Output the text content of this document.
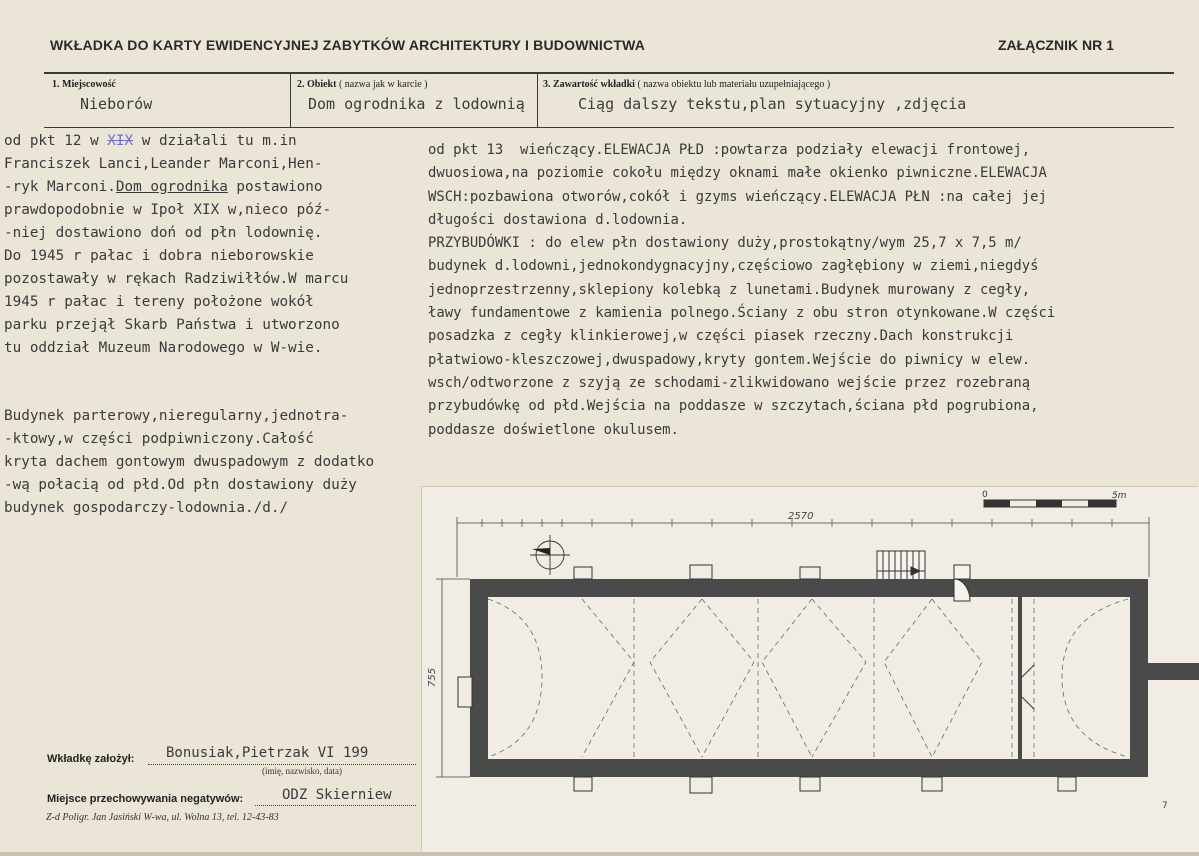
WKŁADKA DO KARTY EWIDENCYJNEJ ZABYTKÓW ARCHITEKTURY I BUDOWNICTWA	ZAŁĄCZNIK NR 1
1. Miejscowość
Nieborów
2. Obiekt ( nazwa jak w karcie )
Dom ogrodnika z lodownią
3. Zawartość wkładki ( nazwa obiektu lub materiału uzupełniającego )
Ciąg dalszy tekstu,plan sytuacyjny ,zdjęcia
od pkt 12 w XIX w działali tu m.in
Franciszek Lanci,Leander Marconi,Hen-
-ryk Marconi.Dom ogrodnika postawiono
prawdopodobnie w Ipoł XIX w,nieco póź-
-niej dostawiono doń od płn lodownię.
Do 1945 r pałac i dobra nieborowskie
pozostawały w rękach Radziwiłłów.W marcu
1945 r pałac i tereny położone wokół
parku przejął Skarb Państwa i utworzono
tu oddział Muzeum Narodowego w W-wie.
Budynek parterowy,nieregularny,jednotra-
-ktowy,w części podpiwniczony.Całość
kryta dachem gontowym dwuspadowym z dodatko
-wą połacią od płd.Od płn dostawiony duży
budynek gospodarczy-lodownia./d./
od pkt 13  wieńczący.ELEWACJA PŁD :powtarza podziały elewacji frontowej,
dwuosiowa,na poziomie cokołu między oknami małe okienko piwniczne.ELEWACJA
WSCH:pozbawiona otworów,cokół i gzyms wieńczący.ELEWACJA PŁN :na całej jej
długości dostawiona d.lodownia.
PRZYBUDÓWKI : do elew płn dostawiony duży,prostokątny/wym 25,7 x 7,5 m/
budynek d.lodowni,jednokondygnacyjny,częściowo zagłębiony w ziemi,niegdyś
jednoprzestrzenny,sklepiony kolebką z lunetami.Budynek murowany z cegły,
ławy fundamentowe z kamienia polnego.Ściany z obu stron otynkowane.W części
posadzka z cegły klinkierowej,w części piasek rzeczny.Dach konstrukcji
płatwiowo-kleszczowej,dwuspadowy,kryty gontem.Wejście do piwnicy w elew.
wsch/odtworzone z szyją ze schodami-zlikwidowano wejście przez rozebraną
przybudówkę od płd.Wejścia na poddasze w szczytach,ściana płd pogrubiona,
poddasze doświetlone okulusem.
Wkładkę założył: Bonusiak,Pietrzak VI 199
(imię, nazwisko, data)
Miejsce przechowywania negatywów:	ODZ Skierniew
Z-d Poligr. Jan Jasiński W-wa, ul. Wolna 13, tel. 12-43-83
0	5m
2570
755
7
